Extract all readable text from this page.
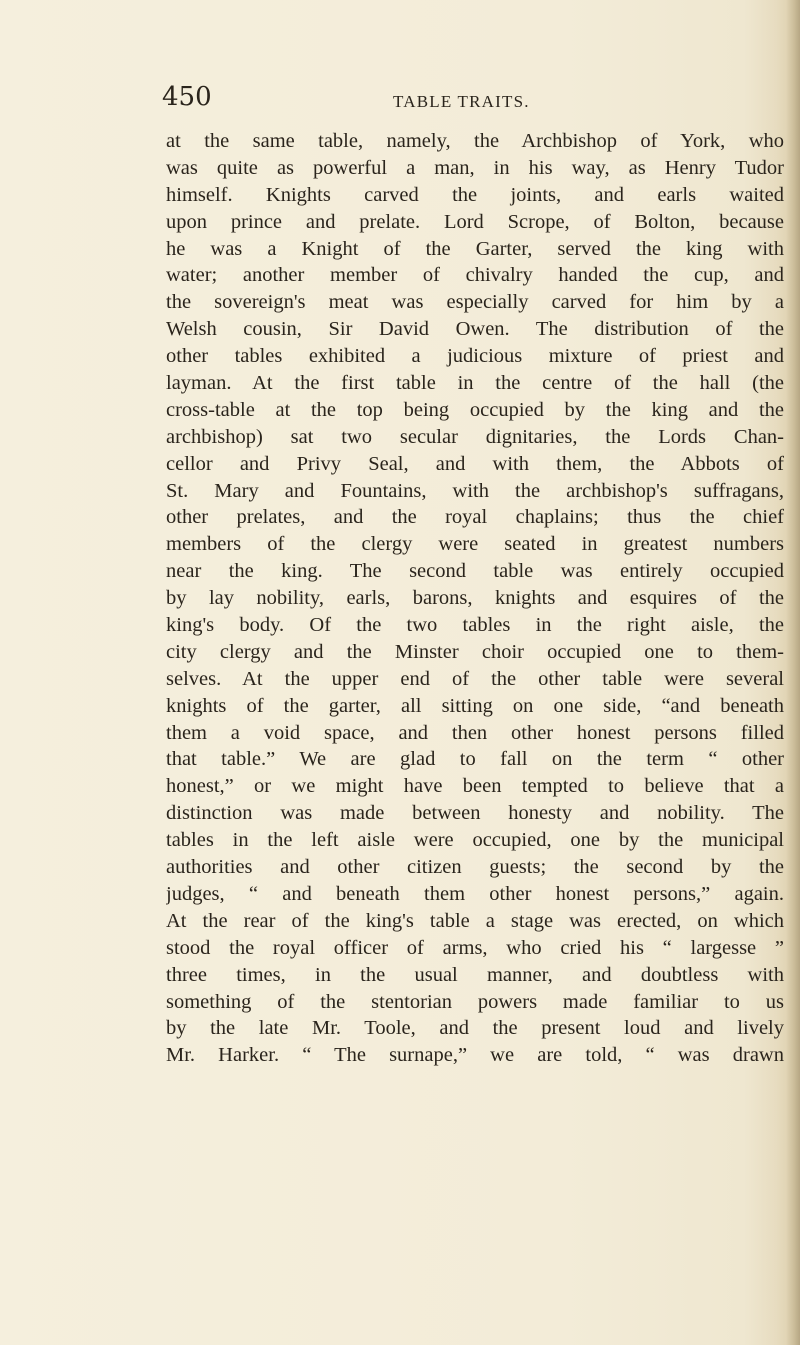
450	TABLE TRAITS.
at the same table, namely, the Archbishop of York, who
was quite as powerful a man, in his way, as Henry Tudor
himself. Knights carved the joints, and earls waited
upon prince and prelate. Lord Scrope, of Bolton, because
he was a Knight of the Garter, served the king with
water; another member of chivalry handed the cup, and
the sovereign's meat was especially carved for him by a
Welsh cousin, Sir David Owen. The distribution of the
other tables exhibited a judicious mixture of priest and
layman. At the first table in the centre of the hall (the
cross-table at the top being occupied by the king and the
archbishop) sat two secular dignitaries, the Lords Chan-
cellor and Privy Seal, and with them, the Abbots of
St. Mary and Fountains, with the archbishop's suffragans,
other prelates, and the royal chaplains; thus the chief
members of the clergy were seated in greatest numbers
near the king. The second table was entirely occupied
by lay nobility, earls, barons, knights and esquires of the
king's body. Of the two tables in the right aisle, the
city clergy and the Minster choir occupied one to them-
selves. At the upper end of the other table were several
knights of the garter, all sitting on one side, “and beneath
them a void space, and then other honest persons filled
that table.” We are glad to fall on the term “ other
honest,” or we might have been tempted to believe that a
distinction was made between honesty and nobility. The
tables in the left aisle were occupied, one by the municipal
authorities and other citizen guests; the second by the
judges, “ and beneath them other honest persons,” again.
At the rear of the king's table a stage was erected, on which
stood the royal officer of arms, who cried his “ largesse ”
three times, in the usual manner, and doubtless with
something of the stentorian powers made familiar to us
by the late Mr. Toole, and the present loud and lively
Mr. Harker. “ The surnape,” we are told, “ was drawn
